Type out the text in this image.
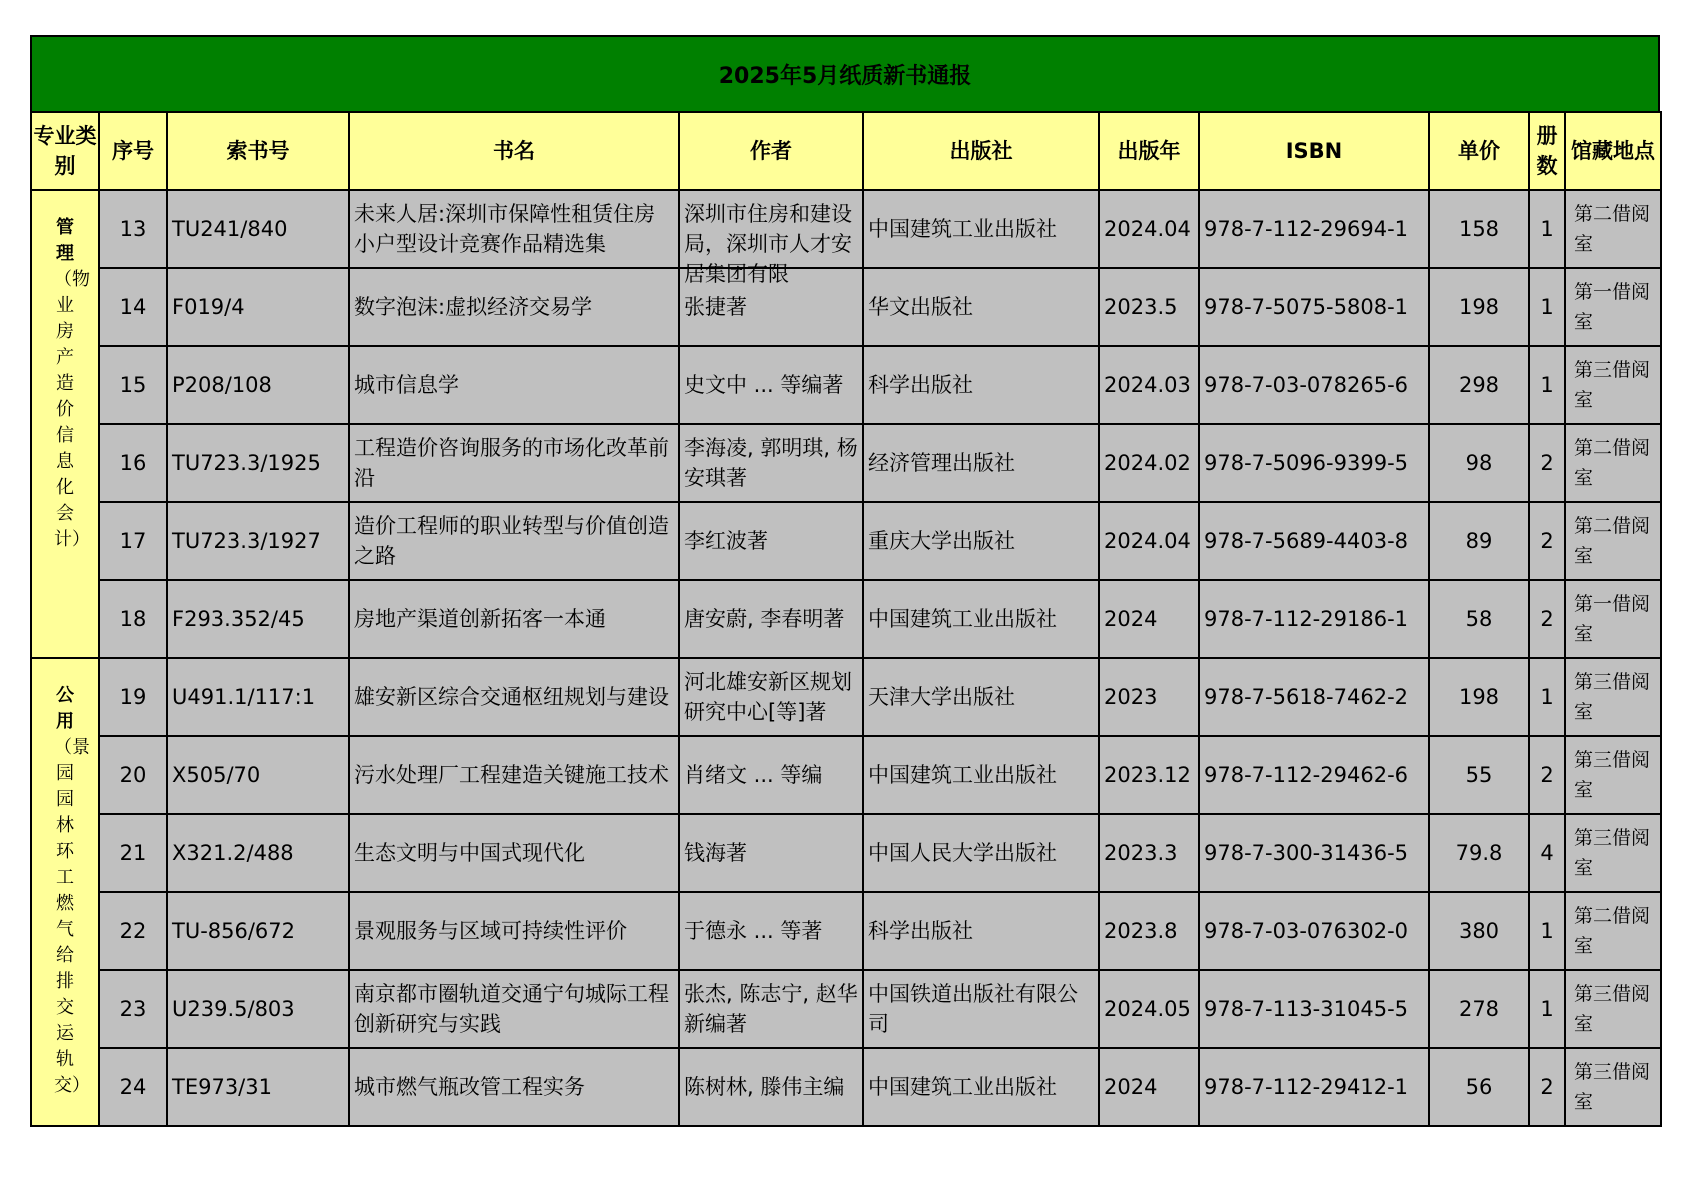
2025年5月纸质新书通报
专业类别	序号	索书号	书名	作者	出版社	出版年	ISBN	单价	册数	馆藏地点

管理
（物业房产造价信息化会计）	13	TU241/840	未来人居:深圳市保障性租赁住房小户型设计竞赛作品精选集	深圳市住房和建设局，深圳市人才安居集团有限	中国建筑工业出版社	2024.04	978-7-112-29694-1	158	1	第二借阅室

	14	F019/4	数字泡沫:虚拟经济交易学	张捷著	华文出版社	2023.5	978-7-5075-5808-1	198	1	第一借阅室

	15	P208/108	城市信息学	史文中 ... 等编著	科学出版社	2024.03	978-7-03-078265-6	298	1	第三借阅室

	16	TU723.3/1925	工程造价咨询服务的市场化改革前沿	李海凌, 郭明琪, 杨安琪著	经济管理出版社	2024.02	978-7-5096-9399-5	98	2	第二借阅室

	17	TU723.3/1927	造价工程师的职业转型与价值创造之路	李红波著	重庆大学出版社	2024.04	978-7-5689-4403-8	89	2	第二借阅室

	18	F293.352/45	房地产渠道创新拓客一本通	唐安蔚, 李春明著	中国建筑工业出版社	2024	978-7-112-29186-1	58	2	第一借阅室

公用
（景园园林环工燃气给排交运轨交）	19	U491.1/117:1	雄安新区综合交通枢纽规划与建设	河北雄安新区规划研究中心[等]著	天津大学出版社	2023	978-7-5618-7462-2	198	1	第三借阅室

	20	X505/70	污水处理厂工程建造关键施工技术	肖绪文 ... 等编	中国建筑工业出版社	2023.12	978-7-112-29462-6	55	2	第三借阅室

	21	X321.2/488	生态文明与中国式现代化	钱海著	中国人民大学出版社	2023.3	978-7-300-31436-5	79.8	4	第三借阅室

	22	TU-856/672	景观服务与区域可持续性评价	于德永 ... 等著	科学出版社	2023.8	978-7-03-076302-0	380	1	第二借阅室

	23	U239.5/803	南京都市圈轨道交通宁句城际工程创新研究与实践	张杰, 陈志宁, 赵华新编著	中国铁道出版社有限公司	2024.05	978-7-113-31045-5	278	1	第三借阅室

	24	TE973/31	城市燃气瓶改管工程实务	陈树林, 滕伟主编	中国建筑工业出版社	2024	978-7-112-29412-1	56	2	第三借阅室
